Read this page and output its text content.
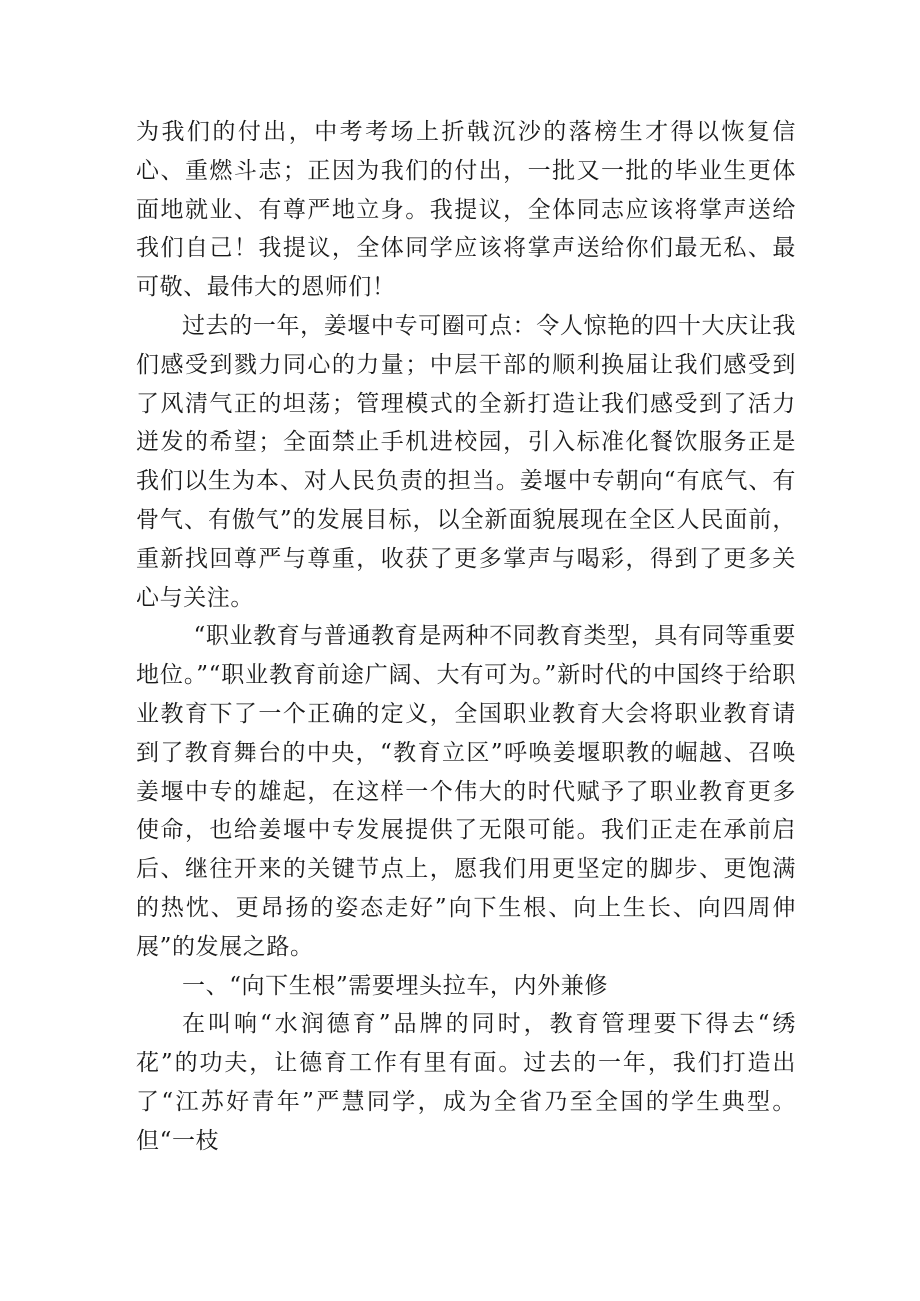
为我们的付出，中考考场上折戟沉沙的落榜生才得以恢复信心、重燃斗志；正因为我们的付出，一批又一批的毕业生更体面地就业、有尊严地立身。我提议，全体同志应该将掌声送给我们自己！我提议，全体同学应该将掌声送给你们最无私、最可敬、最伟大的恩师们！

过去的一年，姜堰中专可圈可点：令人惊艳的四十大庆让我们感受到戮力同心的力量；中层干部的顺利换届让我们感受到了风清气正的坦荡；管理模式的全新打造让我们感受到了活力迸发的希望；全面禁止手机进校园，引入标准化餐饮服务正是我们以生为本、对人民负责的担当。姜堰中专朝向“有底气、有骨气、有傲气”的发展目标，以全新面貌展现在全区人民面前，重新找回尊严与尊重，收获了更多掌声与喝彩，得到了更多关心与关注。

“职业教育与普通教育是两种不同教育类型，具有同等重要地位。”“职业教育前途广阔、大有可为。”新时代的中国终于给职业教育下了一个正确的定义，全国职业教育大会将职业教育请到了教育舞台的中央，“教育立区”呼唤姜堰职教的崛越、召唤姜堰中专的雄起，在这样一个伟大的时代赋予了职业教育更多使命，也给姜堰中专发展提供了无限可能。我们正走在承前启后、继往开来的关键节点上，愿我们用更坚定的脚步、更饱满的热忱、更昂扬的姿态走好”向下生根、向上生长、向四周伸展”的发展之路。

一、“向下生根”需要埋头拉车，内外兼修

在叫响“水润德育”品牌的同时，教育管理要下得去“绣花”的功夫，让德育工作有里有面。过去的一年，我们打造出了“江苏好青年”严慧同学，成为全省乃至全国的学生典型。但“一枝
